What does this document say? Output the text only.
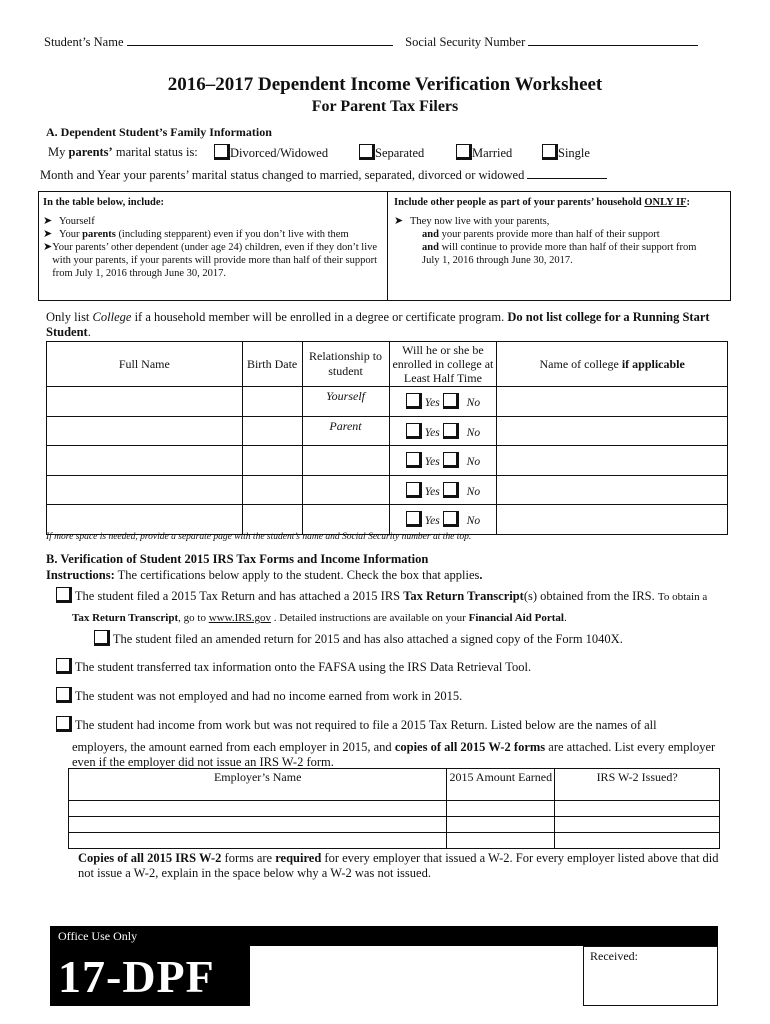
Student’s Name	Social Security Number
2016–2017 Dependent Income Verification Worksheet
For Parent Tax Filers
A. Dependent Student’s Family Information
My parents’ marital status is:	Divorced/Widowed	Separated	Married	Single
Month and Year your parents’ marital status changed to married, separated, divorced or widowed
In the table below, include:
➤ Yourself
➤ Your parents (including stepparent) even if you don’t live with them
➤ Your parents’ other dependent (under age 24) children, even if they don’t live with your parents, if your parents will provide more than half of their support from July 1, 2016 through June 30, 2017.
Include other people as part of your parents’ household ONLY IF:
➤ They now live with your parents,
and your parents provide more than half of their support
and will continue to provide more than half of their support from
July 1, 2016 through June 30, 2017.
Only list College if a household member will be enrolled in a degree or certificate program. Do not list college for a Running Start Student.
Full Name	Birth Date	Relationship to student	Will he or she be enrolled in college at Least Half Time	Name of college if applicable
		Yourself	Yes No	
		Parent	Yes No	
			Yes No	
			Yes No	
			Yes No	
If more space is needed, provide a separate page with the student’s name and Social Security number at the top.
B. Verification of Student 2015 IRS Tax Forms and Income Information
Instructions: The certifications below apply to the student. Check the box that applies.
The student filed a 2015 Tax Return and has attached a 2015 IRS Tax Return Transcript(s) obtained from the IRS. To obtain a
Tax Return Transcript, go to www.IRS.gov . Detailed instructions are available on your Financial Aid Portal.
The student filed an amended return for 2015 and has also attached a signed copy of the Form 1040X.
The student transferred tax information onto the FAFSA using the IRS Data Retrieval Tool.
The student was not employed and had no income earned from work in 2015.
The student had income from work but was not required to file a 2015 Tax Return. Listed below are the names of all
employers, the amount earned from each employer in 2015, and copies of all 2015 W-2 forms are attached. List every employer
even if the employer did not issue an IRS W-2 form.
Employer’s Name	2015 Amount Earned	IRS W-2 Issued?

Copies of all 2015 IRS W-2 forms are required for every employer that issued a W-2. For every employer listed above that did not issue a W-2, explain in the space below why a W-2 was not issued.
Office Use Only
17-DPF	Received:
